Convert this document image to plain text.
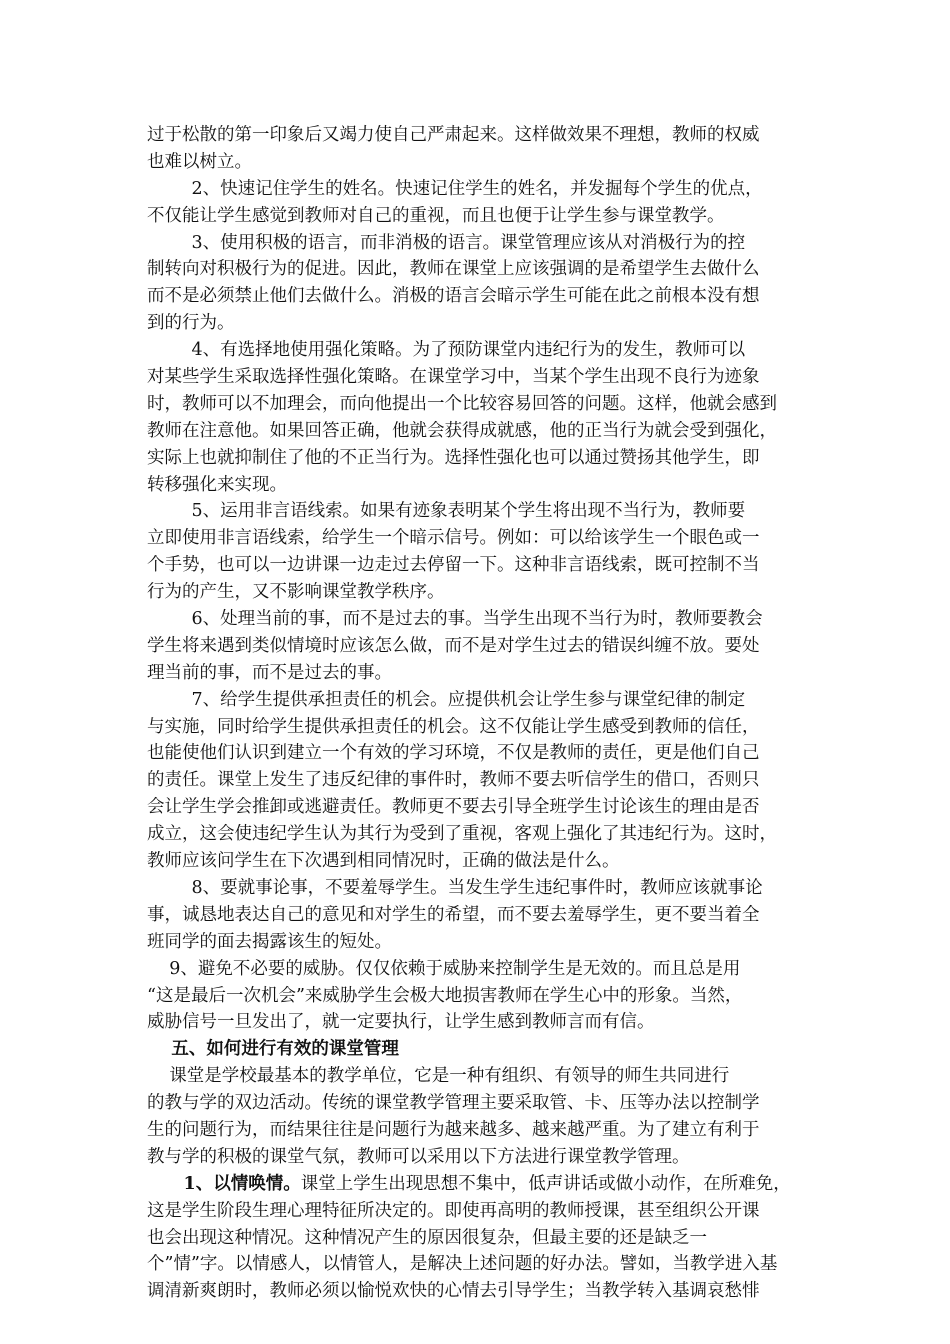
过于松散的第一印象后又竭力使自己严肃起来。这样做效果不理想，教师的权威
也难以树立。
2、快速记住学生的姓名。快速记住学生的姓名，并发掘每个学生的优点，
不仅能让学生感觉到教师对自己的重视，而且也便于让学生参与课堂教学。
3、使用积极的语言，而非消极的语言。课堂管理应该从对消极行为的控
制转向对积极行为的促进。因此，教师在课堂上应该强调的是希望学生去做什么
而不是必须禁止他们去做什么。消极的语言会暗示学生可能在此之前根本没有想
到的行为。
4、有选择地使用强化策略。为了预防课堂内违纪行为的发生，教师可以
对某些学生采取选择性强化策略。在课堂学习中，当某个学生出现不良行为迹象
时，教师可以不加理会，而向他提出一个比较容易回答的问题。这样，他就会感到
教师在注意他。如果回答正确，他就会获得成就感，他的正当行为就会受到强化，
实际上也就抑制住了他的不正当行为。选择性强化也可以通过赞扬其他学生，即
转移强化来实现。
5、运用非言语线索。如果有迹象表明某个学生将出现不当行为，教师要
立即使用非言语线索，给学生一个暗示信号。例如：可以给该学生一个眼色或一
个手势，也可以一边讲课一边走过去停留一下。这种非言语线索，既可控制不当
行为的产生，又不影响课堂教学秩序。
6、处理当前的事，而不是过去的事。当学生出现不当行为时，教师要教会
学生将来遇到类似情境时应该怎么做，而不是对学生过去的错误纠缠不放。要处
理当前的事，而不是过去的事。
7、给学生提供承担责任的机会。应提供机会让学生参与课堂纪律的制定
与实施，同时给学生提供承担责任的机会。这不仅能让学生感受到教师的信任，
也能使他们认识到建立一个有效的学习环境，不仅是教师的责任，更是他们自己
的责任。课堂上发生了违反纪律的事件时，教师不要去听信学生的借口，否则只
会让学生学会推卸或逃避责任。教师更不要去引导全班学生讨论该生的理由是否
成立，这会使违纪学生认为其行为受到了重视，客观上强化了其违纪行为。这时，
教师应该问学生在下次遇到相同情况时，正确的做法是什么。
8、要就事论事，不要羞辱学生。当发生学生违纪事件时，教师应该就事论
事，诚恳地表达自己的意见和对学生的希望，而不要去羞辱学生，更不要当着全
班同学的面去揭露该生的短处。
9、避免不必要的威胁。仅仅依赖于威胁来控制学生是无效的。而且总是用
“这是最后一次机会”来威胁学生会极大地损害教师在学生心中的形象。当然，
威胁信号一旦发出了，就一定要执行，让学生感到教师言而有信。
五、如何进行有效的课堂管理
课堂是学校最基本的教学单位，它是一种有组织、有领导的师生共同进行
的教与学的双边活动。传统的课堂教学管理主要采取管、卡、压等办法以控制学
生的问题行为，而结果往往是问题行为越来越多、越来越严重。为了建立有利于
教与学的积极的课堂气氛，教师可以采用以下方法进行课堂教学管理。
1、以情唤情。课堂上学生出现思想不集中，低声讲话或做小动作，在所难免，
这是学生阶段生理心理特征所决定的。即使再高明的教师授课，甚至组织公开课
也会出现这种情况。这种情况产生的原因很复杂，但最主要的还是缺乏一
个”情”字。以情感人，以情管人，是解决上述问题的好办法。譬如，当教学进入基
调清新爽朗时，教师必须以愉悦欢快的心情去引导学生；当教学转入基调哀愁悱
